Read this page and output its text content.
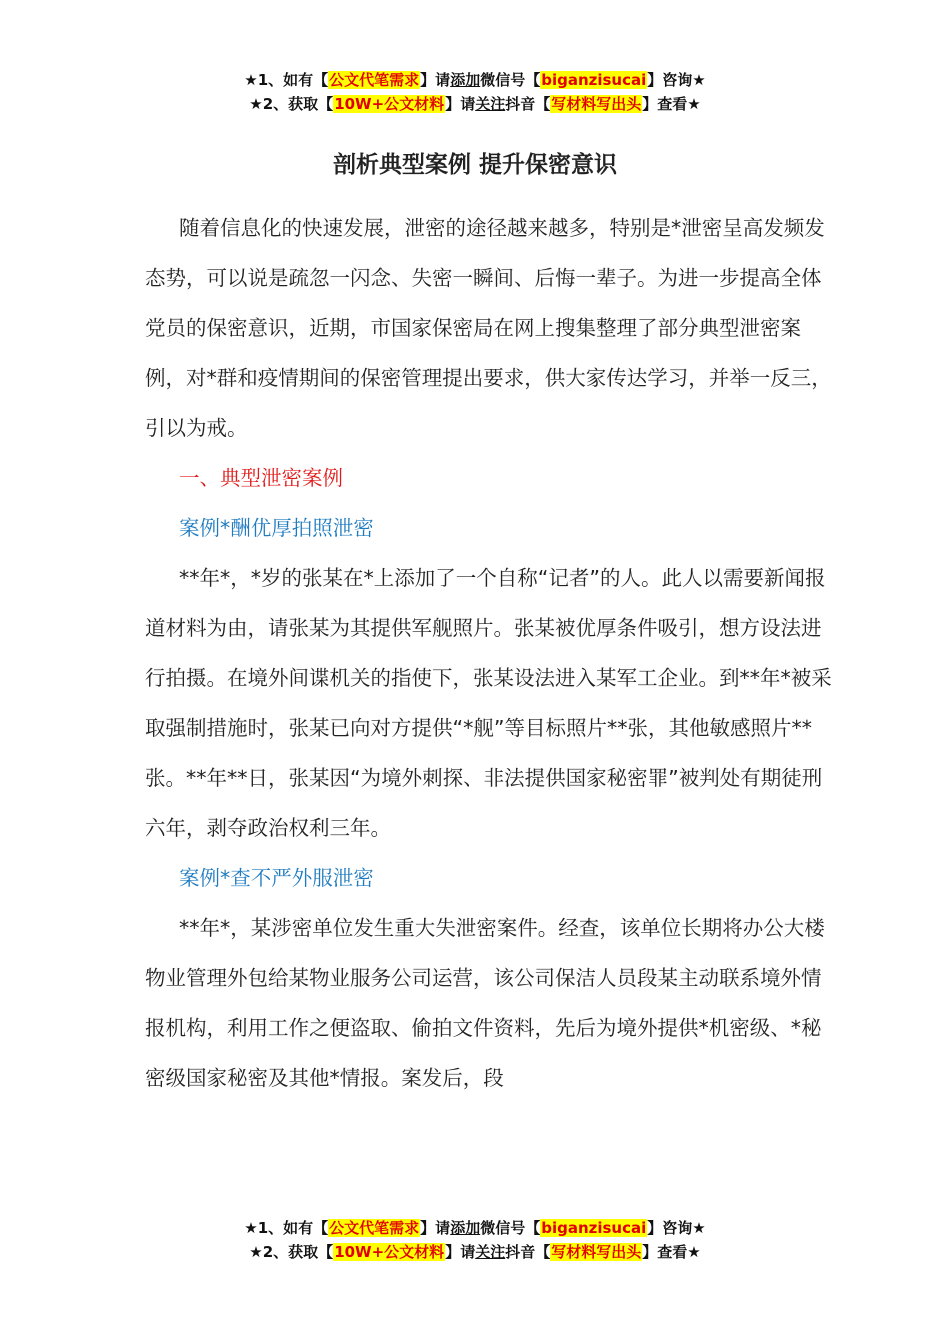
★1、如有【公文代笔需求】请添加微信号【biganzisucai】咨询★
★2、获取【10W+公文材料】请关注抖音【写材料写出头】查看★
剖析典型案例 提升保密意识

随着信息化的快速发展，泄密的途径越来越多，特别是*泄密呈高发频发态势，可以说是疏忽一闪念、失密一瞬间、后悔一辈子。为进一步提高全体党员的保密意识，近期，市国家保密局在网上搜集整理了部分典型泄密案例，对*群和疫情期间的保密管理提出要求，供大家传达学习，并举一反三，引以为戒。

一、典型泄密案例

案例*酬优厚拍照泄密

**年*，*岁的张某在*上添加了一个自称“记者”的人。此人以需要新闻报道材料为由，请张某为其提供军舰照片。张某被优厚条件吸引，想方设法进行拍摄。在境外间谍机关的指使下，张某设法进入某军工企业。到**年*被采取强制措施时，张某已向对方提供“*舰”等目标照片**张，其他敏感照片**张。**年**日，张某因“为境外刺探、非法提供国家秘密罪”被判处有期徒刑六年，剥夺政治权利三年。

案例*查不严外服泄密

**年*，某涉密单位发生重大失泄密案件。经查，该单位长期将办公大楼物业管理外包给某物业服务公司运营，该公司保洁人员段某主动联系境外情报机构，利用工作之便盗取、偷拍文件资料，先后为境外提供*机密级、*秘密级国家秘密及其他*情报。案发后，段

★1、如有【公文代笔需求】请添加微信号【biganzisucai】咨询★
★2、获取【10W+公文材料】请关注抖音【写材料写出头】查看★
